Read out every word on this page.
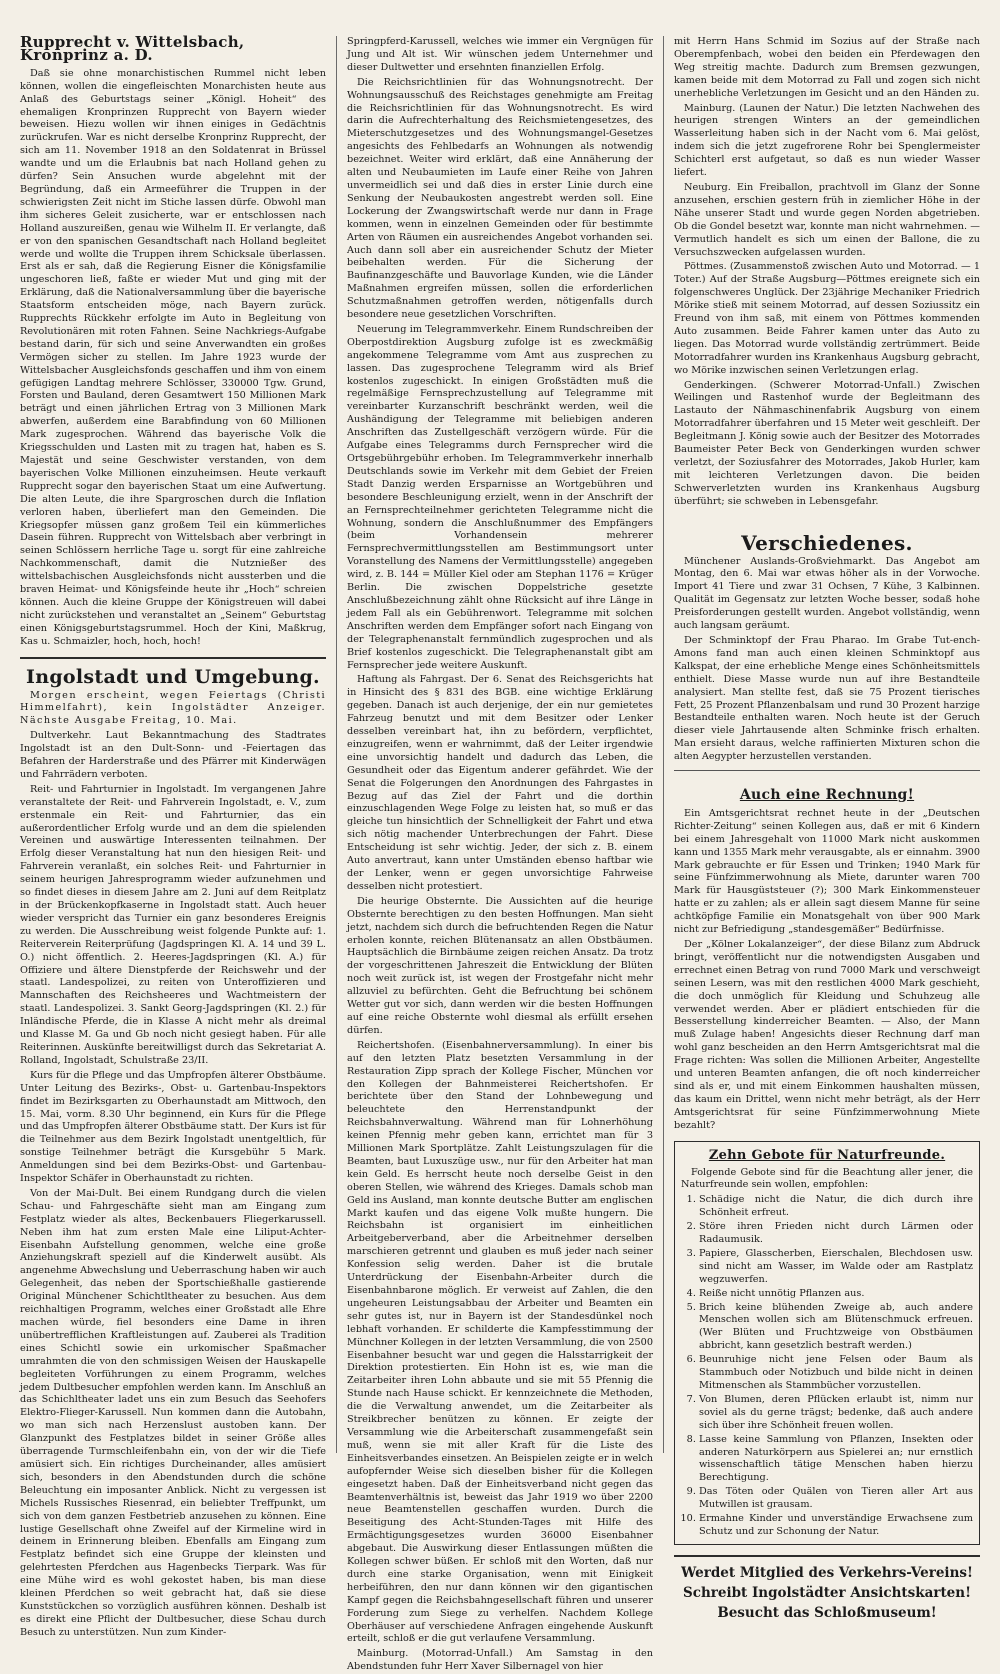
Rupprecht v. Wittelsbach, Kronprinz a. D.

Daß sie ohne monarchistischen Rummel nicht leben können, wollen die eingefleischten Monarchisten heute aus Anlaß des Geburtstags seiner „Königl. Hoheit“ des ehemaligen Kronprinzen Rupprecht von Bayern wieder beweisen. Hiezu wollen wir ihnen einiges in Gedächtnis zurückrufen. War es nicht derselbe Kronprinz Rupprecht, der sich am 11. November 1918 an den Soldatenrat in Brüssel wandte und um die Erlaubnis bat nach Holland gehen zu dürfen? Sein Ansuchen wurde abgelehnt mit der Begründung, daß ein Armeeführer die Truppen in der schwierigsten Zeit nicht im Stiche lassen dürfe. Obwohl man ihm sicheres Geleit zusicherte, war er entschlossen nach Holland auszureißen, genau wie Wilhelm II. Er verlangte, daß er von den spanischen Gesandtschaft nach Holland begleitet werde und wollte die Truppen ihrem Schicksale überlassen. Erst als er sah, daß die Regierung Eisner die Königsfamilie ungeschoren ließ, faßte er wieder Mut und ging mit der Erklärung, daß die Nationalversammlung über die bayerische Staatsform entscheiden möge, nach Bayern zurück. Rupprechts Rückkehr erfolgte im Auto in Begleitung von Revolutionären mit roten Fahnen. Seine Nachkriegs-Aufgabe bestand darin, für sich und seine Anverwandten ein großes Vermögen sicher zu stellen. Im Jahre 1923 wurde der Wittelsbacher Ausgleichsfonds geschaffen und ihm von einem gefügigen Landtag mehrere Schlösser, 330000 Tgw. Grund, Forsten und Bauland, deren Gesamtwert 150 Millionen Mark beträgt und einen jährlichen Ertrag von 3 Millionen Mark abwerfen, außerdem eine Barabfindung von 60 Millionen Mark zugesprochen. Während das bayerische Volk die Kriegsschulden und Lasten mit zu tragen hat, haben es S. Majestät und seine Geschwister verstanden, von dem bayerischen Volke Millionen einzuheimsen. Heute verkauft Rupprecht sogar den bayerischen Staat um eine Aufwertung. Die alten Leute, die ihre Spargroschen durch die Inflation verloren haben, überliefert man den Gemeinden. Die Kriegsopfer müssen ganz großem Teil ein kümmerliches Dasein führen. Rupprecht von Wittelsbach aber verbringt in seinen Schlössern herrliche Tage u. sorgt für eine zahlreiche Nachkommenschaft, damit die Nutznießer des wittelsbachischen Ausgleichsfonds nicht aussterben und die braven Heimat- und Königsfeinde heute ihr „Hoch“ schreien können. Auch die kleine Gruppe der Königstreuen will dabei nicht zurückstehen und veranstaltet an „Seinem“ Geburtstag einen Königsgeburtstagsrummel. Hoch der Kini, Maßkrug, Kas u. Schmaizler, hoch, hoch, hoch!

Ingolstadt und Umgebung.

Morgen erscheint, wegen Feiertags (Christi Himmelfahrt), kein Ingolstädter Anzeiger. Nächste Ausgabe Freitag, 10. Mai.

Dultverkehr. Laut Bekanntmachung des Stadtrates Ingolstadt ist an den Dult-Sonn- und -Feiertagen das Befahren der Harderstraße und des Pfärrer mit Kinderwägen und Fahrrädern verboten.

Reit- und Fahrturnier in Ingolstadt. Im vergangenen Jahre veranstaltete der Reit- und Fahrverein Ingolstadt, e. V., zum erstenmale ein Reit- und Fahrturnier, das ein außerordentlicher Erfolg wurde und an dem die spielenden Vereinen und auswärtige Interessenten teilnahmen. Der Erfolg dieser Veranstaltung hat nun den hiesigen Reit- und Fahrverein veranlaßt, ein solches Reit- und Fahrturnier in seinem heurigen Jahresprogramm wieder aufzunehmen und so findet dieses in diesem Jahre am 2. Juni auf dem Reitplatz in der Brückenkopfkaserne in Ingolstadt statt. Auch heuer wieder verspricht das Turnier ein ganz besonderes Ereignis zu werden. Die Ausschreibung weist folgende Punkte auf: 1. Reiterverein Reiterprüfung (Jagdspringen Kl. A. 14 und 39 L. O.) nicht öffentlich. 2. Heeres-Jagdspringen (Kl. A.) für Offiziere und ältere Dienstpferde der Reichswehr und der staatl. Landespolizei, zu reiten von Unteroffizieren und Mannschaften des Reichsheeres und Wachtmeistern der staatl. Landespolizei. 3. Sankt Georg-Jagdspringen (Kl. 2.) für Inländische Pferde, die in Klasse A nicht mehr als dreimal und Klasse M. Ga und Gb noch nicht gesiegt haben. Für alle Reiterinnen. Auskünfte bereitwilligst durch das Sekretariat A. Rolland, Ingolstadt, Schulstraße 23/II.

Kurs für die Pflege und das Umpfropfen älterer Obstbäume. Unter Leitung des Bezirks-, Obst- u. Gartenbau-Inspektors findet im Bezirksgarten zu Oberhaunstadt am Mittwoch, den 15. Mai, vorm. 8.30 Uhr beginnend, ein Kurs für die Pflege und das Umpfropfen älterer Obstbäume statt. Der Kurs ist für die Teilnehmer aus dem Bezirk Ingolstadt unentgeltlich, für sonstige Teilnehmer beträgt die Kursgebühr 5 Mark. Anmeldungen sind bei dem Bezirks-Obst- und Gartenbau-Inspektor Schäfer in Oberhaunstadt zu richten.

Von der Mai-Dult. Bei einem Rundgang durch die vielen Schau- und Fahrgeschäfte sieht man am Eingang zum Festplatz wieder als altes, Beckenbauers Fliegerkarussell. Neben ihm hat zum ersten Male eine Liliput-Achter-Eisenbahn Aufstellung genommen, welche eine große Anziehungskraft speziell auf die Kinderwelt ausübt. Als angenehme Abwechslung und Ueberraschung haben wir auch Gelegenheit, das neben der Sportschießhalle gastierende Original Münchener Schichtltheater zu besuchen. Aus dem reichhaltigen Programm, welches einer Großstadt alle Ehre machen würde, fiel besonders eine Dame in ihren unübertrefflichen Kraftleistungen auf. Zauberei als Tradition eines Schichtl sowie ein urkomischer Spaßmacher umrahmten die von den schmissigen Weisen der Hauskapelle begleiteten Vorführungen zu einem Programm, welches jedem Dultbesucher empfohlen werden kann. Im Anschluß an das Schichltheater ladet uns ein zum Besuch das Seehofers Elektro-Flieger-Karussell. Nun kommen dann die Autobahn, wo man sich nach Herzenslust austoben kann. Der Glanzpunkt des Festplatzes bildet in seiner Größe alles überragende Turmschleifenbahn ein, von der wir die Tiefe amüsiert sich. Ein richtiges Durcheinander, alles amüsiert sich, besonders in den Abendstunden durch die schöne Beleuchtung ein imposanter Anblick. Nicht zu vergessen ist Michels Russisches Riesenrad, ein beliebter Treffpunkt, um sich von dem ganzen Festbetrieb anzusehen zu können. Eine lustige Gesellschaft ohne Zweifel auf der Kirmeline wird in deinem in Erinnerung bleiben. Ebenfalls am Eingang zum Festplatz befindet sich eine Gruppe der kleinsten und gelehrtesten Pferdchen aus Hagenbecks Tierpark. Was für eine Mühe wird es wohl gekostet haben, bis man diese kleinen Pferdchen so weit gebracht hat, daß sie diese Kunststückchen so vorzüglich ausführen können. Deshalb ist es direkt eine Pflicht der Dultbesucher, diese Schau durch Besuch zu unterstützen. Nun zum Kinder-

Springpferd-Karussell, welches wie immer ein Vergnügen für Jung und Alt ist. Wir wünschen jedem Unternehmer und dieser Dultwetter und ersehnten finanziellen Erfolg.

Die Reichsrichtlinien für das Wohnungsnotrecht. Der Wohnungsausschuß des Reichstages genehmigte am Freitag die Reichsrichtlinien für das Wohnungsnotrecht. Es wird darin die Aufrechterhaltung des Reichsmietengesetzes, des Mieterschutzgesetzes und des Wohnungsmangel-Gesetzes angesichts des Fehlbedarfs an Wohnungen als notwendig bezeichnet. Weiter wird erklärt, daß eine Annäherung der alten und Neubaumieten im Laufe einer Reihe von Jahren unvermeidlich sei und daß dies in erster Linie durch eine Senkung der Neubaukosten angestrebt werden soll. Eine Lockerung der Zwangswirtschaft werde nur dann in Frage kommen, wenn in einzelnen Gemeinden oder für bestimmte Arten von Räumen ein ausreichendes Angebot vorhanden sei. Auch dann soll aber ein ausreichender Schutz der Mieter beibehalten werden. Für die Sicherung der Baufinanzgeschäfte und Bauvorlage Kunden, wie die Länder Maßnahmen ergreifen müssen, sollen die erforderlichen Schutzmaßnahmen getroffen werden, nötigenfalls durch besondere neue gesetzlichen Vorschriften.

Neuerung im Telegrammverkehr. Einem Rundschreiben der Oberpostdirektion Augsburg zufolge ist es zweckmäßig angekommene Telegramme vom Amt aus zusprechen zu lassen. Das zugesprochene Telegramm wird als Brief kostenlos zugeschickt. In einigen Großstädten muß die regelmäßige Fernsprechzustellung auf Telegramme mit vereinbarter Kurzanschrift beschränkt werden, weil die Aushändigung der Telegramme mit beliebigen anderen Anschriften das Zustellgeschäft verzögern würde. Für die Aufgabe eines Telegramms durch Fernsprecher wird die Ortsgebührgebühr erhoben. Im Telegrammverkehr innerhalb Deutschlands sowie im Verkehr mit dem Gebiet der Freien Stadt Danzig werden Ersparnisse an Wortgebühren und besondere Beschleunigung erzielt, wenn in der Anschrift der an Fernsprechteilnehmer gerichteten Telegramme nicht die Wohnung, sondern die Anschlußnummer des Empfängers (beim Vorhandensein mehrerer Fernsprechvermittlungsstellen am Bestimmungsort unter Voranstellung des Namens der Vermittlungsstelle) angegeben wird, z. B. 144 = Müller Kiel oder am Stephan 1176 = Krüger Berlin. Die zwischen Doppelstriche gesetzte Anschlußbezeichnung zählt ohne Rücksicht auf ihre Länge in jedem Fall als ein Gebührenwort. Telegramme mit solchen Anschriften werden dem Empfänger sofort nach Eingang von der Telegraphenanstalt fernmündlich zugesprochen und als Brief kostenlos zugeschickt. Die Telegraphenanstalt gibt am Fernsprecher jede weitere Auskunft.

Haftung als Fahrgast. Der 6. Senat des Reichsgerichts hat in Hinsicht des § 831 des BGB. eine wichtige Erklärung gegeben. Danach ist auch derjenige, der ein nur gemietetes Fahrzeug benutzt und mit dem Besitzer oder Lenker desselben vereinbart hat, ihn zu befördern, verpflichtet, einzugreifen, wenn er wahrnimmt, daß der Leiter irgendwie eine unvorsichtig handelt und dadurch das Leben, die Gesundheit oder das Eigentum anderer gefährdet. Wie der Senat die Folgerungen den Anordnungen des Fahrgastes in Bezug auf das Ziel der Fahrt und die dorthin einzuschlagenden Wege Folge zu leisten hat, so muß er das gleiche tun hinsichtlich der Schnelligkeit der Fahrt und etwa sich nötig machender Unterbrechungen der Fahrt. Diese Entscheidung ist sehr wichtig. Jeder, der sich z. B. einem Auto anvertraut, kann unter Umständen ebenso haftbar wie der Lenker, wenn er gegen unvorsichtige Fahrweise desselben nicht protestiert.

Die heurige Obsternte. Die Aussichten auf die heurige Obsternte berechtigen zu den besten Hoffnungen. Man sieht jetzt, nachdem sich durch die befruchtenden Regen die Natur erholen konnte, reichen Blütenansatz an allen Obstbäumen. Hauptsächlich die Birnbäume zeigen reichen Ansatz. Da trotz der vorgeschrittenen Jahreszeit die Entwicklung der Blüten noch weit zurück ist, ist wegen der Frostgefahr nicht mehr allzuviel zu befürchten. Geht die Befruchtung bei schönem Wetter gut vor sich, dann werden wir die besten Hoffnungen auf eine reiche Obsternte wohl diesmal als erfüllt ersehen dürfen.

Reichertshofen. (Eisenbahnerversammlung). In einer bis auf den letzten Platz besetzten Versammlung in der Restauration Zipp sprach der Kollege Fischer, München vor den Kollegen der Bahnmeisterei Reichertshofen. Er berichtete über den Stand der Lohnbewegung und beleuchtete den Herrenstandpunkt der Reichsbahnverwaltung. Während man für Lohnerhöhung keinen Pfennig mehr geben kann, errichtet man für 3 Millionen Mark Sportplätze. Zahlt Leistungszulagen für die Beamten, baut Luxuszüge usw., nur für den Arbeiter hat man kein Geld. Es herrscht heute noch derselbe Geist in den oberen Stellen, wie während des Krieges. Damals schob man Geld ins Ausland, man konnte deutsche Butter am englischen Markt kaufen und das eigene Volk mußte hungern. Die Reichsbahn ist organisiert im einheitlichen Arbeitgeberverband, aber die Arbeitnehmer derselben marschieren getrennt und glauben es muß jeder nach seiner Konfession selig werden. Daher ist die brutale Unterdrückung der Eisenbahn-Arbeiter durch die Eisenbahnbarone möglich. Er verweist auf Zahlen, die den ungeheuren Leistungsabbau der Arbeiter und Beamten ein sehr gutes ist, nur in Bayern ist der Standesdünkel noch lebhaft vorhanden. Er schilderte die Kampfesstimmung der Münchner Kollegen in der letzten Versammlung, die von 2500 Eisenbahner besucht war und gegen die Halsstarrigkeit der Direktion protestierten. Ein Hohn ist es, wie man die Zeitarbeiter ihren Lohn abbaute und sie mit 55 Pfennig die Stunde nach Hause schickt. Er kennzeichnete die Methoden, die die Verwaltung anwendet, um die Zeitarbeiter als Streikbrecher benützen zu können. Er zeigte der Versammlung wie die Arbeiterschaft zusammengefaßt sein muß, wenn sie mit aller Kraft für die Liste des Einheitsverbandes einsetzen. An Beispielen zeigte er in welch aufopfernder Weise sich dieselben bisher für die Kollegen eingesetzt haben. Daß der Einheitsverband nicht gegen das Beamtenverhältnis ist, beweist das Jahr 1919 wo über 2200 neue Beamtenstellen geschaffen wurden. Durch die Beseitigung des Acht-Stunden-Tages mit Hilfe des Ermächtigungsgesetzes wurden 36000 Eisenbahner abgebaut. Die Auswirkung dieser Entlassungen müßten die Kollegen schwer büßen. Er schloß mit den Worten, daß nur durch eine starke Organisation, wenn mit Einigkeit herbeiführen, den nur dann können wir den gigantischen Kampf gegen die Reichsbahngesellschaft führen und unserer Forderung zum Siege zu verhelfen. Nachdem Kollege Oberhäuser auf verschiedene Anfragen eingehende Auskunft erteilt, schloß er die gut verlaufene Versammlung.

Mainburg. (Motorrad-Unfall.) Am Samstag in den Abendstunden fuhr Herr Xaver Silbernagel von hier

mit Herrn Hans Schmid im Sozius auf der Straße nach Oberempfenbach, wobei den beiden ein Pferdewagen den Weg streitig machte. Dadurch zum Bremsen gezwungen, kamen beide mit dem Motorrad zu Fall und zogen sich nicht unerhebliche Verletzungen im Gesicht und an den Händen zu.

Mainburg. (Launen der Natur.) Die letzten Nachwehen des heurigen strengen Winters an der gemeindlichen Wasserleitung haben sich in der Nacht vom 6. Mai gelöst, indem sich die jetzt zugefrorene Rohr bei Spenglermeister Schichterl erst aufgetaut, so daß es nun wieder Wasser liefert.

Neuburg. Ein Freiballon, prachtvoll im Glanz der Sonne anzusehen, erschien gestern früh in ziemlicher Höhe in der Nähe unserer Stadt und wurde gegen Norden abgetrieben. Ob die Gondel besetzt war, konnte man nicht wahrnehmen. — Vermutlich handelt es sich um einen der Ballone, die zu Versuchszwecken aufgelassen wurden.

Pöttmes. (Zusammenstoß zwischen Auto und Motorrad. — 1 Toter.) Auf der Straße Augsburg—Pöttmes ereignete sich ein folgenschweres Unglück. Der 23jährige Mechaniker Friedrich Mörike stieß mit seinem Motorrad, auf dessen Soziussitz ein Freund von ihm saß, mit einem von Pöttmes kommenden Auto zusammen. Beide Fahrer kamen unter das Auto zu liegen. Das Motorrad wurde vollständig zertrümmert. Beide Motorradfahrer wurden ins Krankenhaus Augsburg gebracht, wo Mörike inzwischen seinen Verletzungen erlag.

Genderkingen. (Schwerer Motorrad-Unfall.) Zwischen Weilingen und Rastenhof wurde der Begleitmann des Lastauto der Nähmaschinenfabrik Augsburg von einem Motorradfahrer überfahren und 15 Meter weit geschleift. Der Begleitmann J. König sowie auch der Besitzer des Motorrades Baumeister Peter Beck von Genderkingen wurden schwer verletzt, der Soziusfahrer des Motorrades, Jakob Hurler, kam mit leichteren Verletzungen davon. Die beiden Schwerverletzten wurden ins Krankenhaus Augsburg überführt; sie schweben in Lebensgefahr.

Verschiedenes.

Münchener Auslands-Großviehmarkt. Das Angebot am Montag, den 6. Mai war etwas höher als in der Vorwoche. Import 41 Tiere und zwar 31 Ochsen, 7 Kühe, 3 Kalbinnen. Qualität im Gegensatz zur letzten Woche besser, sodaß hohe Preisforderungen gestellt wurden. Angebot vollständig, wenn auch langsam geräumt.

Der Schminktopf der Frau Pharao. Im Grabe Tut-ench-Amons fand man auch einen kleinen Schminktopf aus Kalkspat, der eine erhebliche Menge eines Schönheitsmittels enthielt. Diese Masse wurde nun auf ihre Bestandteile analysiert. Man stellte fest, daß sie 75 Prozent tierisches Fett, 25 Prozent Pflanzenbalsam und rund 30 Prozent harzige Bestandteile enthalten waren. Noch heute ist der Geruch dieser viele Jahrtausende alten Schminke frisch erhalten. Man ersieht daraus, welche raffinierten Mixturen schon die alten Aegypter herzustellen verstanden.

Auch eine Rechnung!

Ein Amtsgerichtsrat rechnet heute in der „Deutschen Richter-Zeitung“ seinen Kollegen aus, daß er mit 6 Kindern bei einem Jahresgehalt von 11000 Mark nicht auskommen kann und 1355 Mark mehr verausgabte, als er einnahm. 3900 Mark gebrauchte er für Essen und Trinken; 1940 Mark für seine Fünfzimmerwohnung als Miete, darunter waren 700 Mark für Hausgüststeuer (?); 300 Mark Einkommensteuer hatte er zu zahlen; als er allein sagt diesem Manne für seine achtköpfige Familie ein Monatsgehalt von über 900 Mark nicht zur Befriedigung „standesgemäßer“ Bedürfnisse.

Der „Kölner Lokalanzeiger“, der diese Bilanz zum Abdruck bringt, veröffentlicht nur die notwendigsten Ausgaben und errechnet einen Betrag von rund 7000 Mark und verschweigt seinen Lesern, was mit den restlichen 4000 Mark geschieht, die doch unmöglich für Kleidung und Schuhzeug alle verwendet werden. Aber er plädiert entschieden für die Besserstellung kinderreicher Beamten. — Also, der Mann muß Zulage haben! Angesichts dieser Rechnung darf man wohl ganz bescheiden an den Herrn Amtsgerichtsrat mal die Frage richten: Was sollen die Millionen Arbeiter, Angestellte und unteren Beamten anfangen, die oft noch kinderreicher sind als er, und mit einem Einkommen haushalten müssen, das kaum ein Drittel, wenn nicht mehr beträgt, als der Herr Amtsgerichtsrat für seine Fünfzimmerwohnung Miete bezahlt?

Zehn Gebote für Naturfreunde.

Folgende Gebote sind für die Beachtung aller jener, die Naturfreunde sein wollen, empfohlen:

1. Schädige nicht die Natur, die dich durch ihre Schönheit erfreut.
2. Störe ihren Frieden nicht durch Lärmen oder Radaumusik.
3. Papiere, Glasscherben, Eierschalen, Blechdosen usw. sind nicht am Wasser, im Walde oder am Rastplatz wegzuwerfen.
4. Reiße nicht unnötig Pflanzen aus.
5. Brich keine blühenden Zweige ab, auch andere Menschen wollen sich am Blütenschmuck erfreuen. (Wer Blüten und Fruchtzweige von Obstbäumen abbricht, kann gesetzlich bestraft werden.)
6. Beunruhige nicht jene Felsen oder Baum als Stammbuch oder Notizbuch und bilde nicht in deinen Mitmenschen als Stammbücher vorzustellen.
7. Von Blumen, deren Pflücken erlaubt ist, nimm nur soviel als du gerne trägst; bedenke, daß auch andere sich über ihre Schönheit freuen wollen.
8. Lasse keine Sammlung von Pflanzen, Insekten oder anderen Naturkörpern aus Spielerei an; nur ernstlich wissenschaftlich tätige Menschen haben hierzu Berechtigung.
9. Das Töten oder Quälen von Tieren aller Art aus Mutwillen ist grausam.
10. Ermahne Kinder und unverständige Erwachsene zum Schutz und zur Schonung der Natur.
Werdet Mitglied des Verkehrs-Vereins!
Schreibt Ingolstädter Ansichtskarten!
Besucht das Schloßmuseum!
